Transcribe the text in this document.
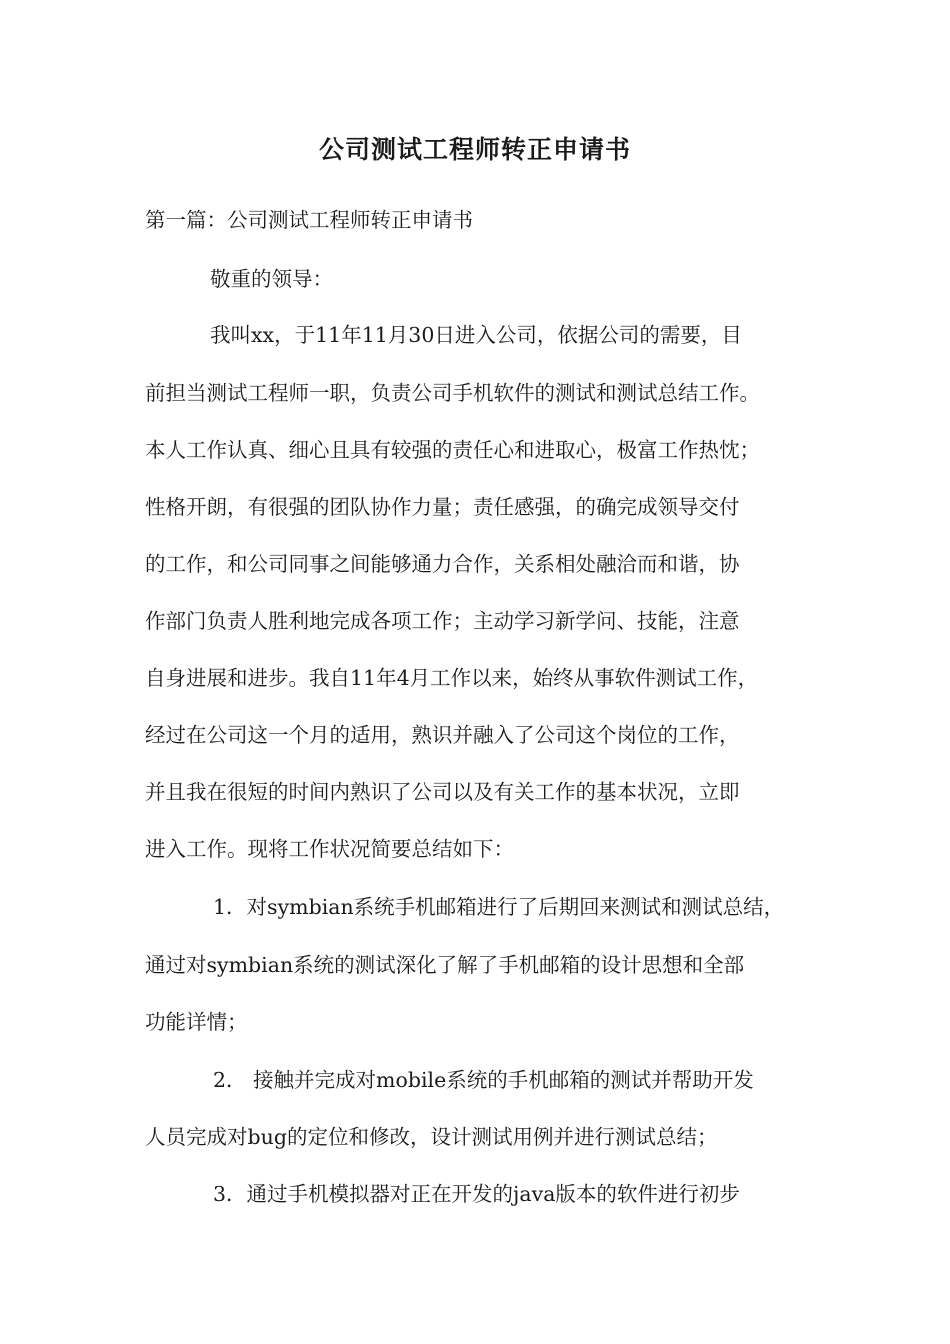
公司测试工程师转正申请书
第一篇：公司测试工程师转正申请书
敬重的领导：
我叫xx，于11年11月30日进入公司，依据公司的需要，目
前担当测试工程师一职，负责公司手机软件的测试和测试总结工作。
本人工作认真、细心且具有较强的责任心和进取心，极富工作热忱；
性格开朗，有很强的团队协作力量；责任感强，的确完成领导交付
的工作，和公司同事之间能够通力合作，关系相处融洽而和谐，协
作部门负责人胜利地完成各项工作；主动学习新学问、技能，注意
自身进展和进步。我自11年4月工作以来，始终从事软件测试工作，
经过在公司这一个月的适用，熟识并融入了公司这个岗位的工作，
并且我在很短的时间内熟识了公司以及有关工作的基本状况，立即
进入工作。现将工作状况简要总结如下：
1．对symbian系统手机邮箱进行了后期回来测试和测试总结，
通过对symbian系统的测试深化了解了手机邮箱的设计思想和全部
功能详情；
2． 接触并完成对mobile系统的手机邮箱的测试并帮助开发
人员完成对bug的定位和修改，设计测试用例并进行测试总结；
3．通过手机模拟器对正在开发的java版本的软件进行初步
